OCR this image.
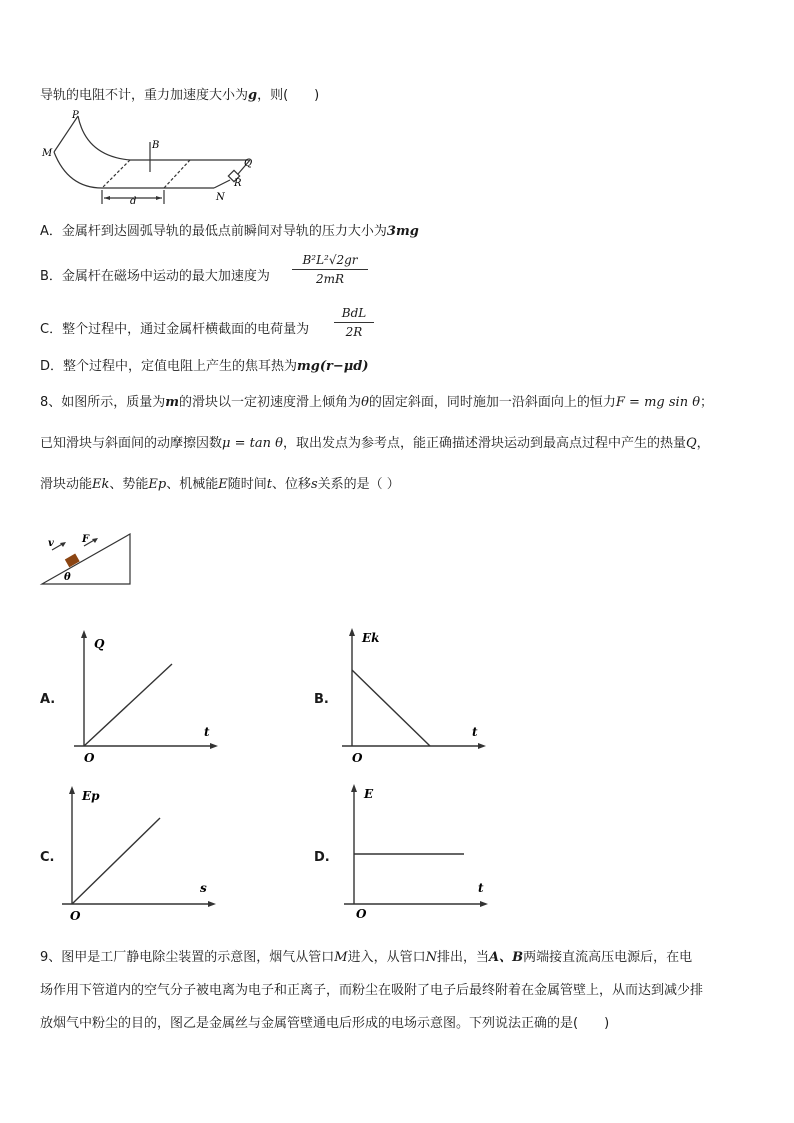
导轨的电阻不计，重力加速度大小为g，则(　　)
P
M
B
Q
R
N
d
A．金属杆到达圆弧导轨的最低点前瞬间对导轨的压力大小为3mg
B．金属杆在磁场中运动的最大加速度为 $\frac{\text{B²L²√2gr}}{2mR}$
C．整个过程中，通过金属杆横截面的电荷量为
BdL
2R
D．整个过程中，定值电阻上产生的焦耳热为mg(r−μd)
8、如图所示，质量为m的滑块以一定初速度滑上倾角为θ的固定斜面，同时施加一沿斜面向上的恒力F = mg sin θ；
已知滑块与斜面间的动摩擦因数μ = tan θ，取出发点为参考点，能正确描述滑块运动到最高点过程中产生的热量Q，
滑块动能Ek、势能Ep、机械能E随时间t、位移s关系的是（ ）
v	F
θ
A.
Q
t
O
B.
Ek
t
O
C.
Ep
s
O
D.
E
t
O
9、图甲是工厂静电除尘装置的示意图，烟气从管口M进入，从管口N排出，当A、B两端接直流高压电源后，在电
场作用下管道内的空气分子被电离为电子和正离子，而粉尘在吸附了电子后最终附着在金属管壁上，从而达到减少排
放烟气中粉尘的目的，图乙是金属丝与金属管壁通电后形成的电场示意图。下列说法正确的是(　　)
